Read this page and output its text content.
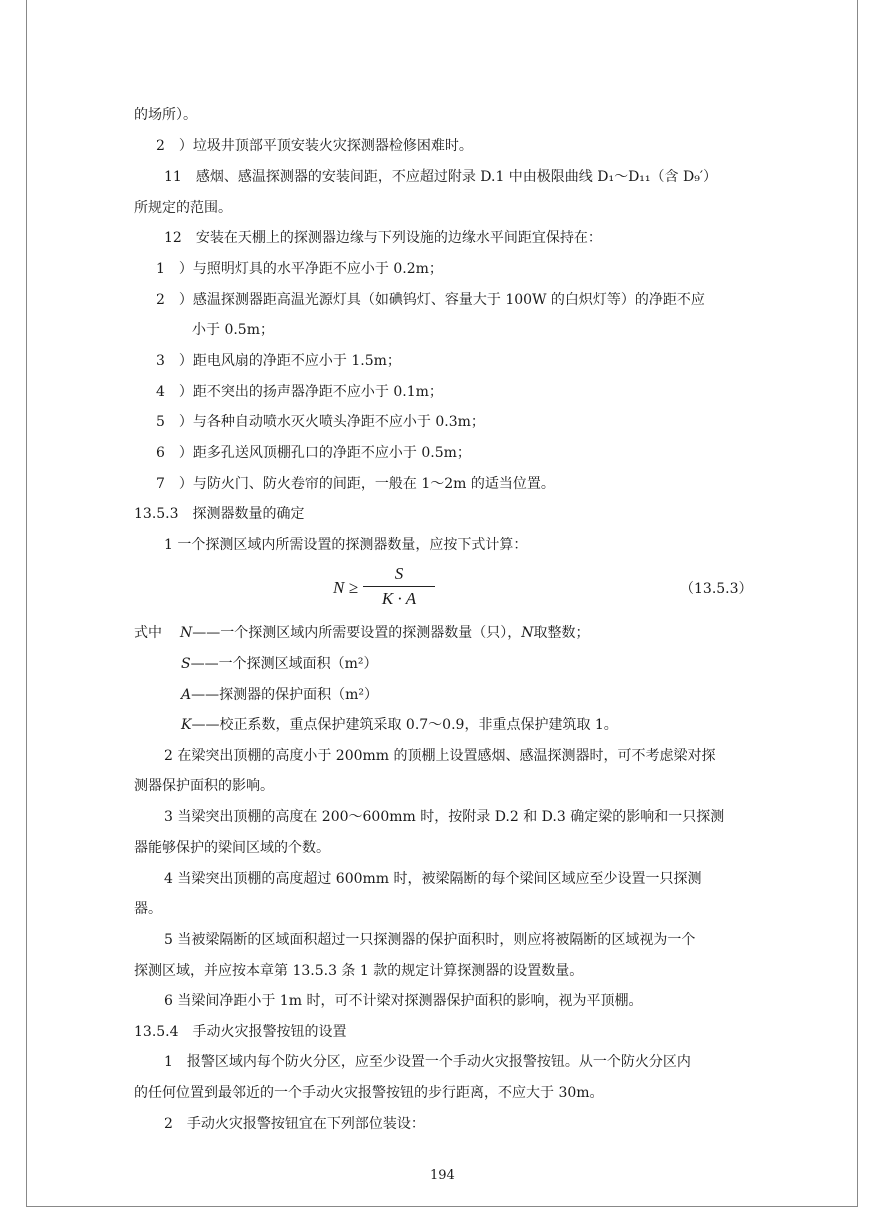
的场所）。
2　）垃圾井顶部平顶安装火灾探测器检修困难时。
11　感烟、感温探测器的安装间距，不应超过附录 D.1 中由极限曲线 D₁～D₁₁（含 D₉′）
所规定的范围。
12　安装在天棚上的探测器边缘与下列设施的边缘水平间距宜保持在：
1　）与照明灯具的水平净距不应小于 0.2m；
2　）感温探测器距高温光源灯具（如碘钨灯、容量大于 100W 的白炽灯等）的净距不应
小于 0.5m；
3　）距电风扇的净距不应小于 1.5m；
4　）距不突出的扬声器净距不应小于 0.1m；
5　）与各种自动喷水灭火喷头净距不应小于 0.3m；
6　）距多孔送风顶棚孔口的净距不应小于 0.5m；
7　）与防火门、防火卷帘的间距，一般在 1～2m 的适当位置。
13.5.3　探测器数量的确定
1 一个探测区域内所需设置的探测器数量，应按下式计算：
N ≥
S
K · A	（13.5.3）
式中 N——一个探测区域内所需要设置的探测器数量（只），N取整数；
S——一个探测区域面积（m²）
A——探测器的保护面积（m²）
K——校正系数，重点保护建筑采取 0.7～0.9，非重点保护建筑取 1。
2 在梁突出顶棚的高度小于 200mm 的顶棚上设置感烟、感温探测器时，可不考虑梁对探
测器保护面积的影响。
3 当梁突出顶棚的高度在 200～600mm 时，按附录 D.2 和 D.3 确定梁的影响和一只探测
器能够保护的梁间区域的个数。
4 当梁突出顶棚的高度超过 600mm 时，被梁隔断的每个梁间区域应至少设置一只探测
器。
5 当被梁隔断的区域面积超过一只探测器的保护面积时，则应将被隔断的区域视为一个
探测区域，并应按本章第 13.5.3 条 1 款的规定计算探测器的设置数量。
6 当梁间净距小于 1m 时，可不计梁对探测器保护面积的影响，视为平顶棚。
13.5.4　手动火灾报警按钮的设置
1　报警区域内每个防火分区，应至少设置一个手动火灾报警按钮。从一个防火分区内
的任何位置到最邻近的一个手动火灾报警按钮的步行距离，不应大于 30m。
2　手动火灾报警按钮宜在下列部位装设：
194
